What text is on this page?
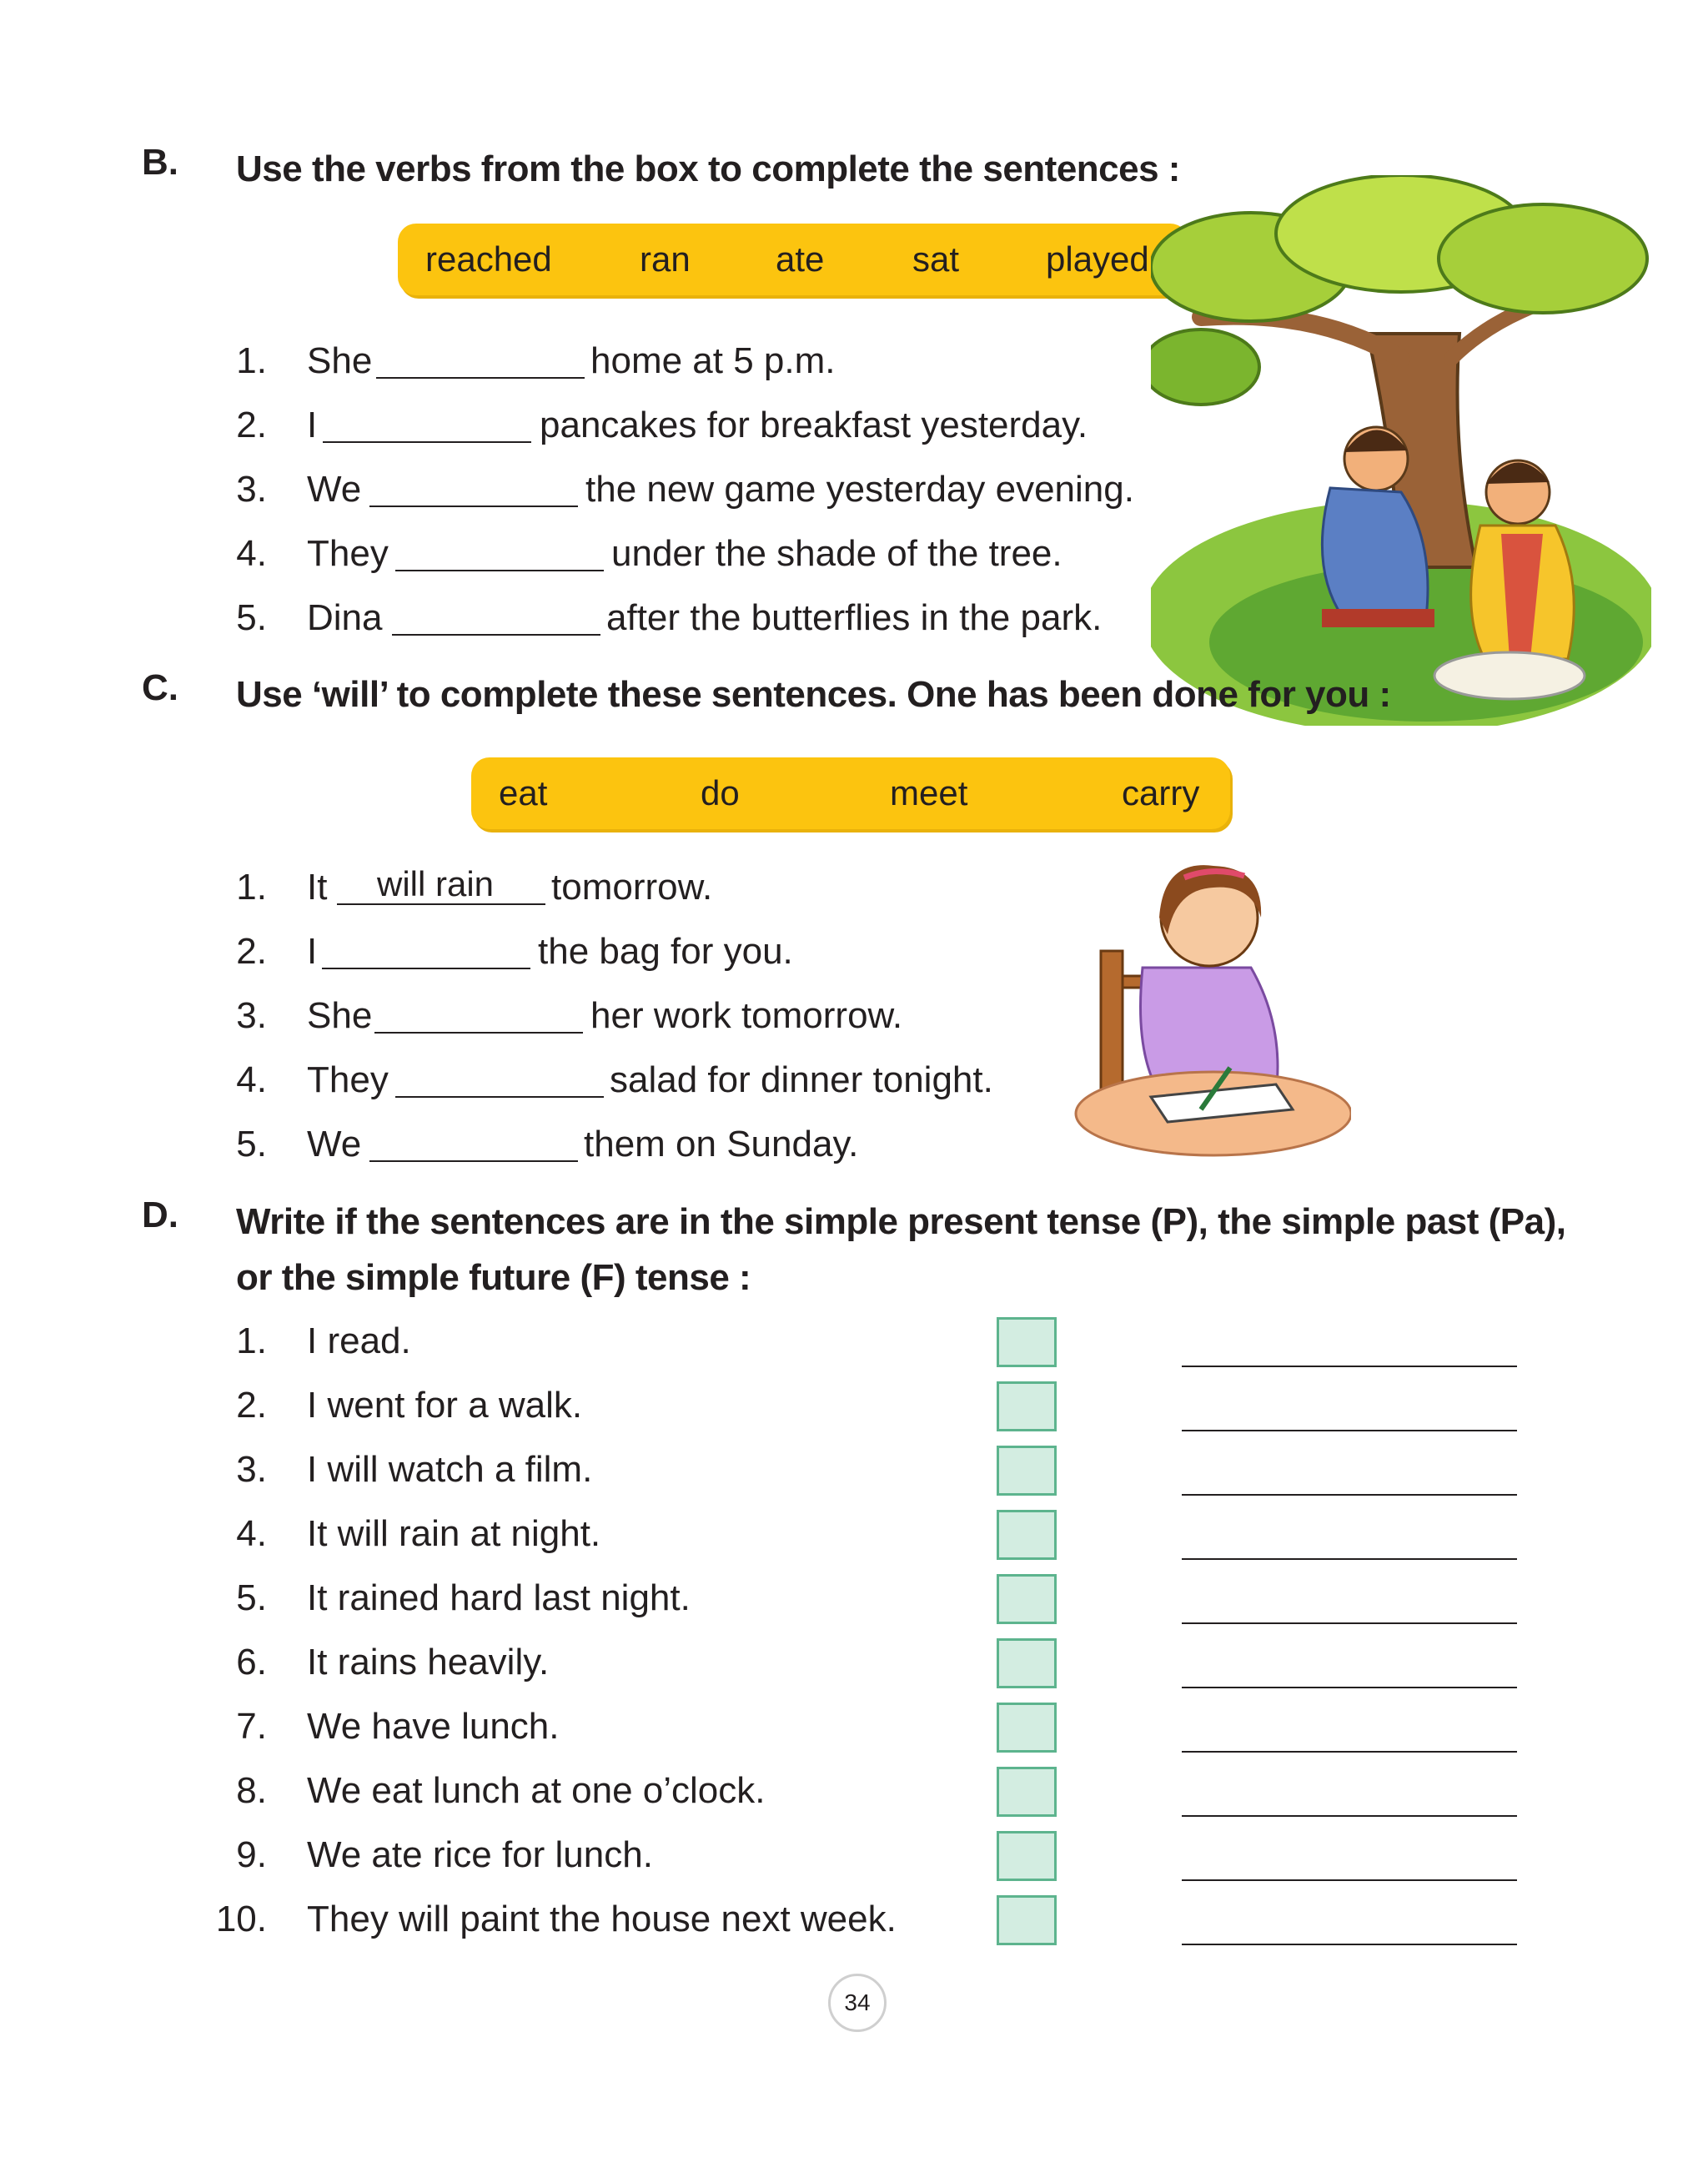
B. Use the verbs from the box to complete the sentences :
reached	ran ate	sat played
1. She	home at 5 p.m.
2. I	pancakes for breakfast yesterday.
3. We	the new game yesterday evening.
4. They	under the shade of the tree.
5. Dina	after the butterflies in the park.
C. Use ‘will’ to complete these sentences. One has been done for you :
eat	do	meet	carry
1. It	will rain	tomorrow.
2. I	the bag for you.
3. She	her work tomorrow.
4. They	salad for dinner tonight.
5. We	them on Sunday.
D. Write if the sentences are in the simple present tense (P), the simple past (Pa),
or the simple future (F) tense :
1. I read.
2. I went for a walk.
3. I will watch a film.
4. It will rain at night.
5. It rained hard last night.
6. It rains heavily.
7. We have lunch.
8. We eat lunch at one o’clock.
9. We ate rice for lunch.
10. They will paint the house next week.
34
